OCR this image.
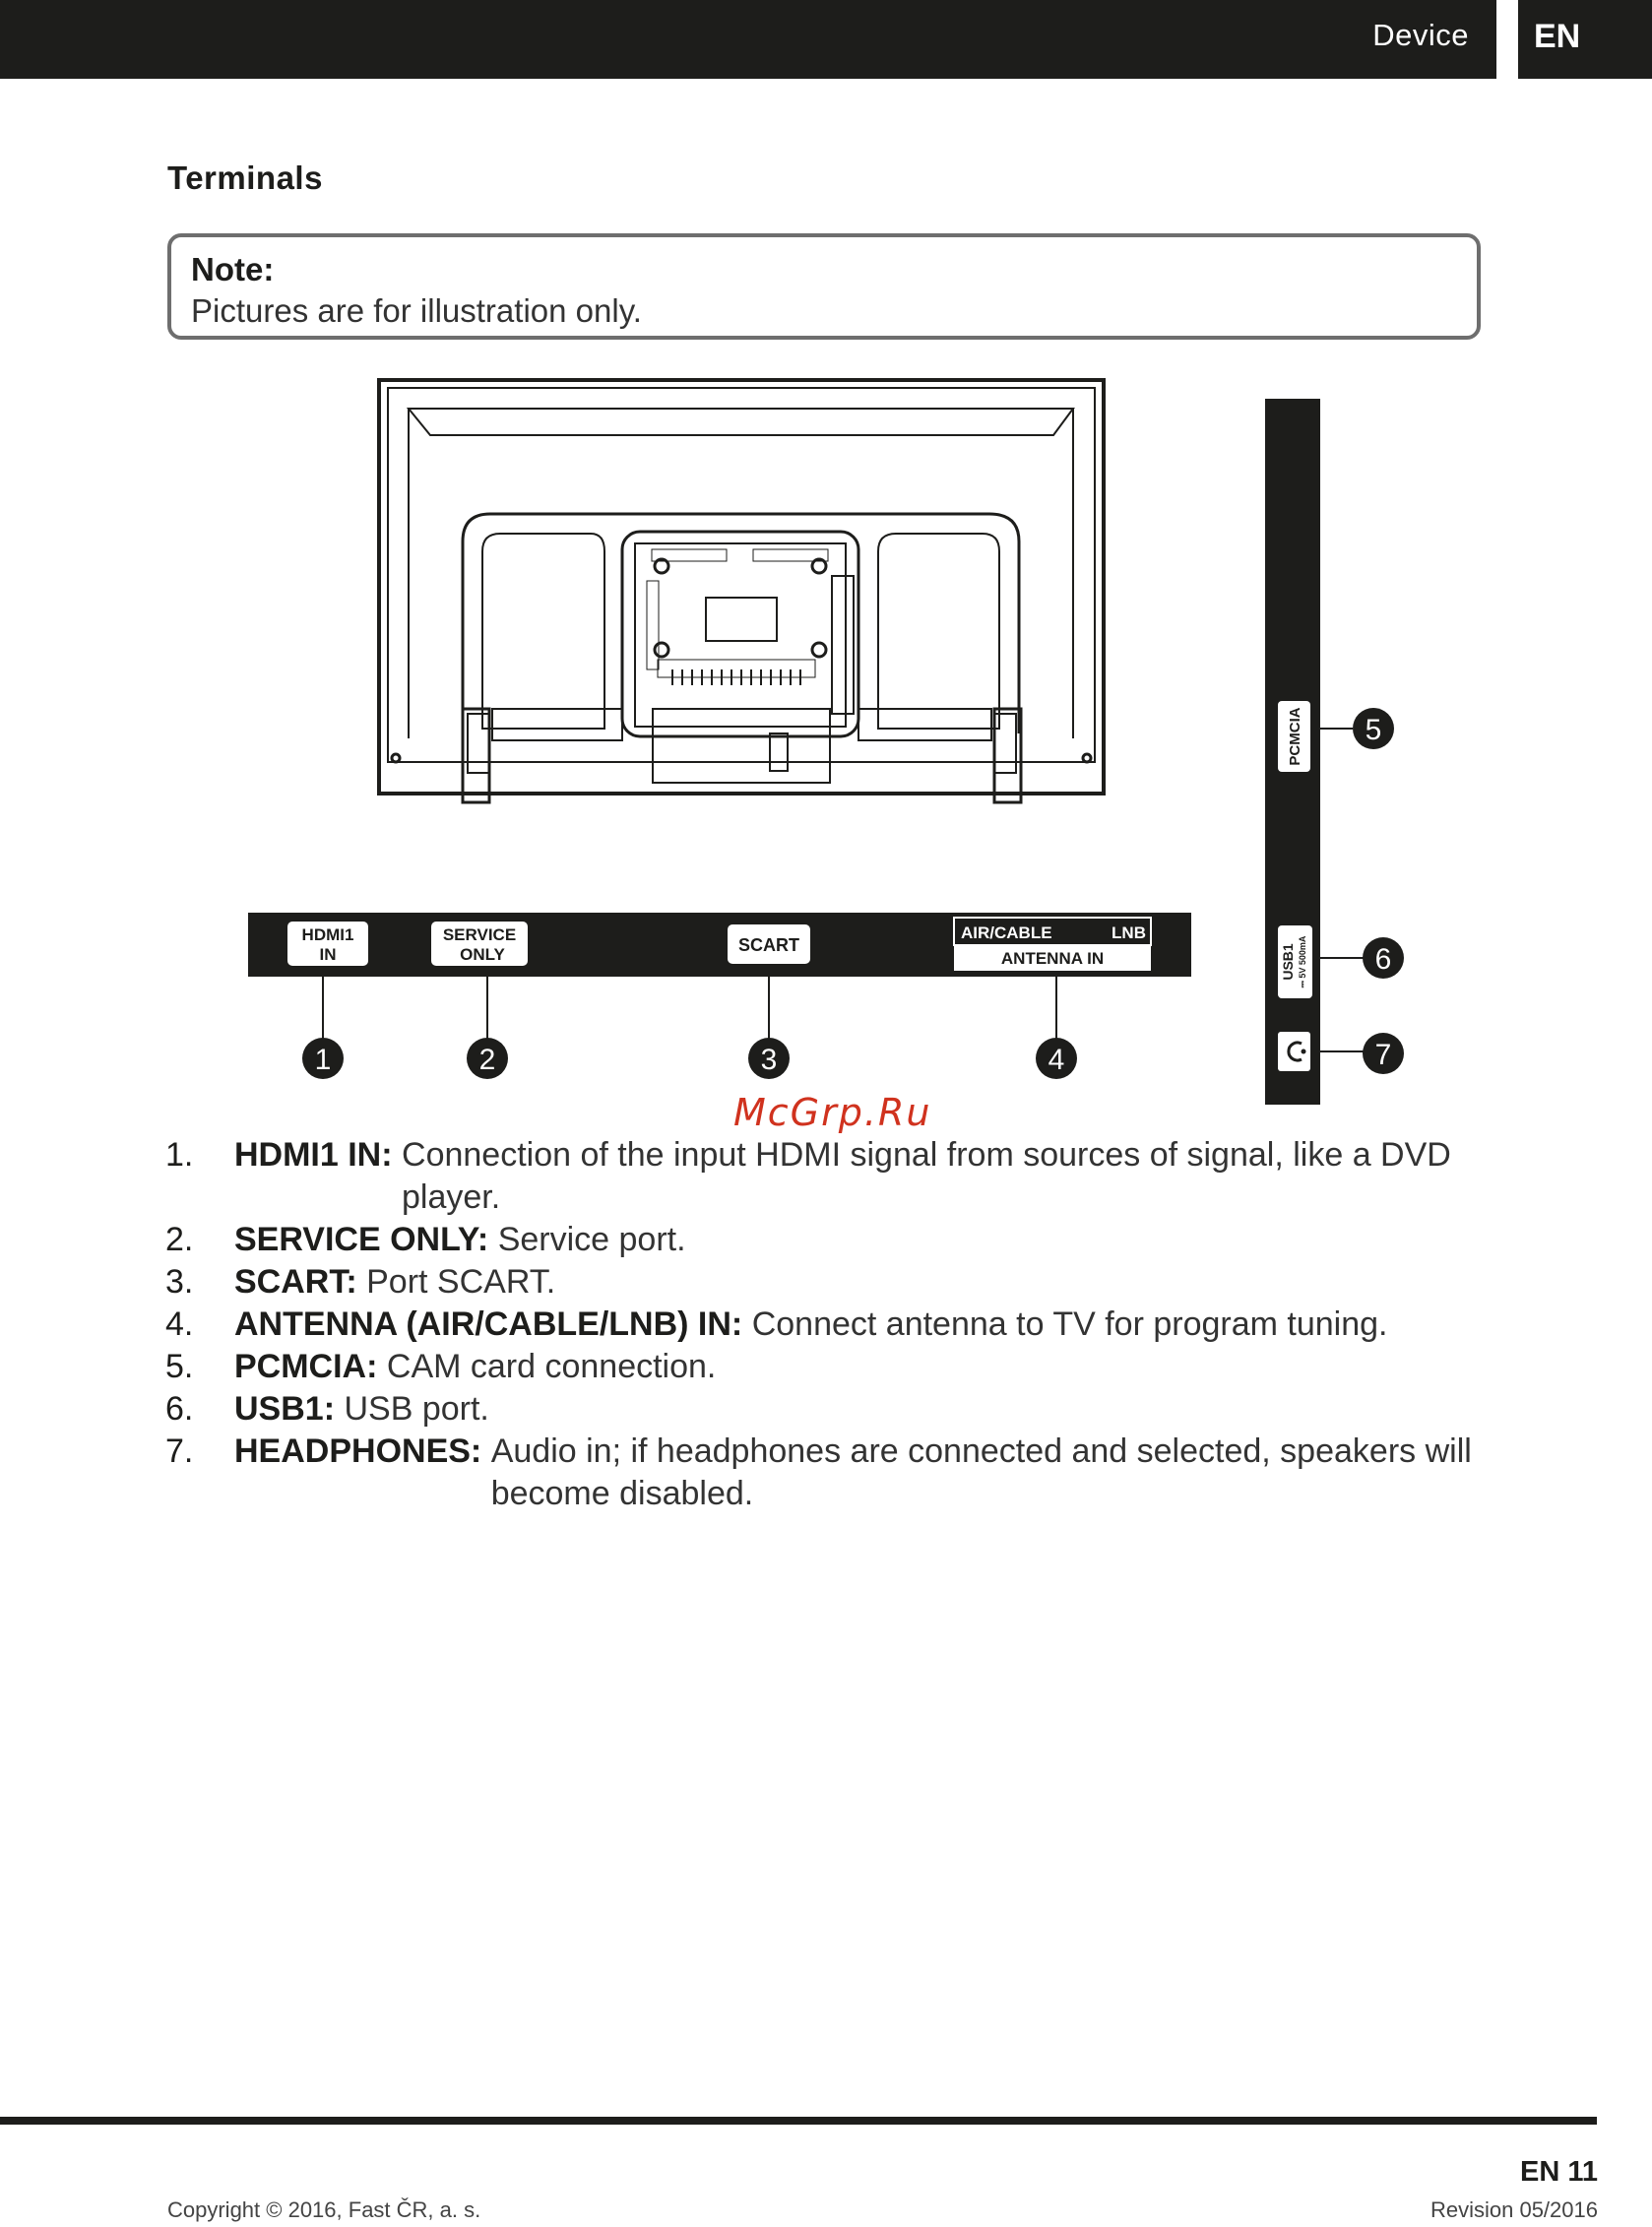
Device EN
Terminals
Note:
Pictures are for illustration only.
HDMI1
IN
SERVICE
ONLY	SCART
AIR/CABLE	LNB
ANTENNA IN
1	2	3	4
PCMCIA
USB1 ⎓ 5V 500mA
5
6
7
McGrp.Ru
1. HDMI1 IN: Connection of the input HDMI signal from sources of signal, like a DVD player.
2. SERVICE ONLY: Service port.
3. SCART: Port SCART.
4. ANTENNA (AIR/CABLE/LNB) IN: Connect antenna to TV for program tuning.
5. PCMCIA: CAM card connection.
6. USB1: USB port.
7. HEADPHONES: Audio in; if headphones are connected and selected, speakers will become disabled.
EN 11
Copyright © 2016, Fast ČR, a. s.	Revision 05/2016
